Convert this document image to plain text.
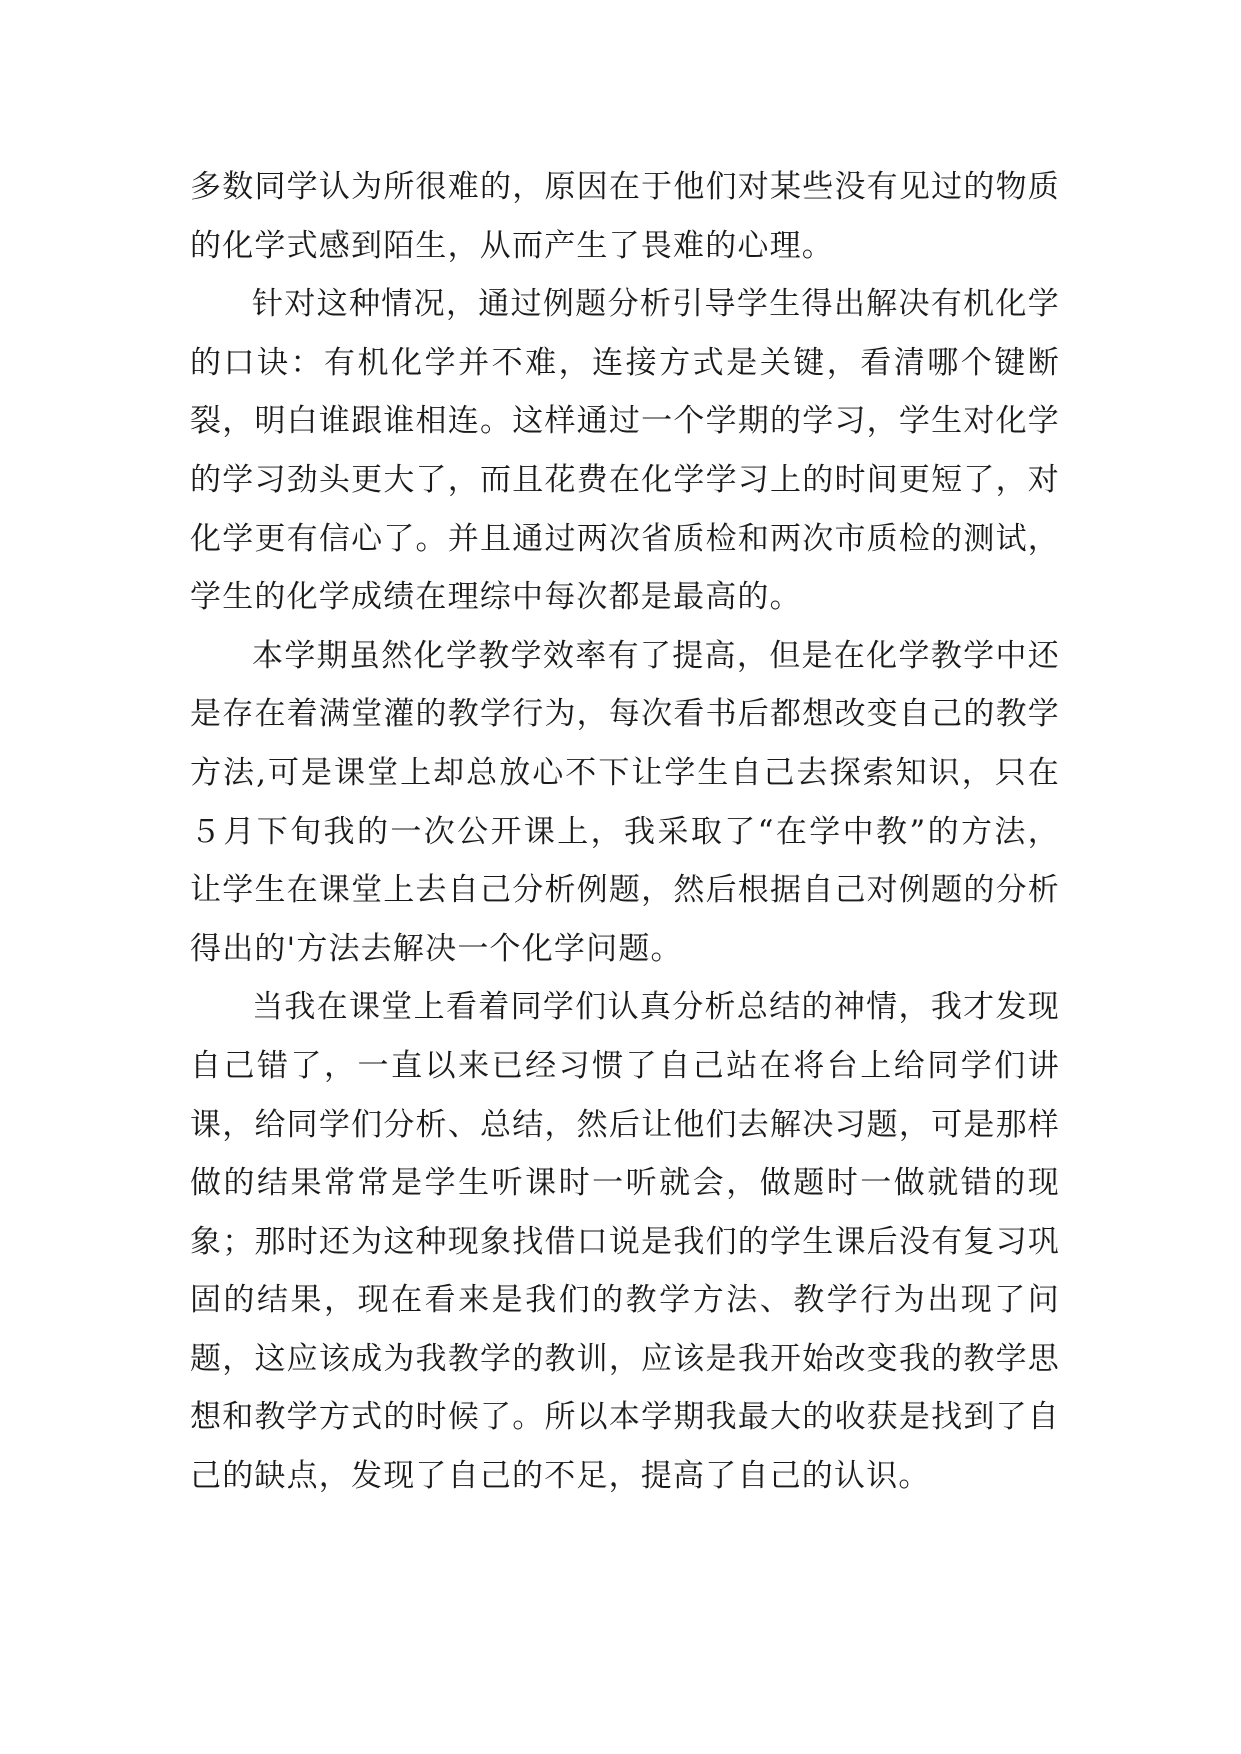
多数同学认为所很难的，原因在于他们对某些没有见过的物质的化学式感到陌生，从而产生了畏难的心理。

针对这种情况，通过例题分析引导学生得出解决有机化学的口诀：有机化学并不难，连接方式是关键，看清哪个键断裂，明白谁跟谁相连。这样通过一个学期的学习，学生对化学的学习劲头更大了，而且花费在化学学习上的时间更短了，对化学更有信心了。并且通过两次省质检和两次市质检的测试，学生的化学成绩在理综中每次都是最高的。

本学期虽然化学教学效率有了提高，但是在化学教学中还是存在着满堂灌的教学行为，每次看书后都想改变自己的教学方法,可是课堂上却总放心不下让学生自己去探索知识，只在５月下旬我的一次公开课上，我采取了“在学中教”的方法，让学生在课堂上去自己分析例题，然后根据自己对例题的分析得出的'方法去解决一个化学问题。

当我在课堂上看着同学们认真分析总结的神情，我才发现自己错了，一直以来已经习惯了自己站在将台上给同学们讲课，给同学们分析、总结，然后让他们去解决习题，可是那样做的结果常常是学生听课时一听就会，做题时一做就错的现象；那时还为这种现象找借口说是我们的学生课后没有复习巩固的结果，现在看来是我们的教学方法、教学行为出现了问题，这应该成为我教学的教训，应该是我开始改变我的教学思想和教学方式的时候了。所以本学期我最大的收获是找到了自己的缺点，发现了自己的不足，提高了自己的认识。
